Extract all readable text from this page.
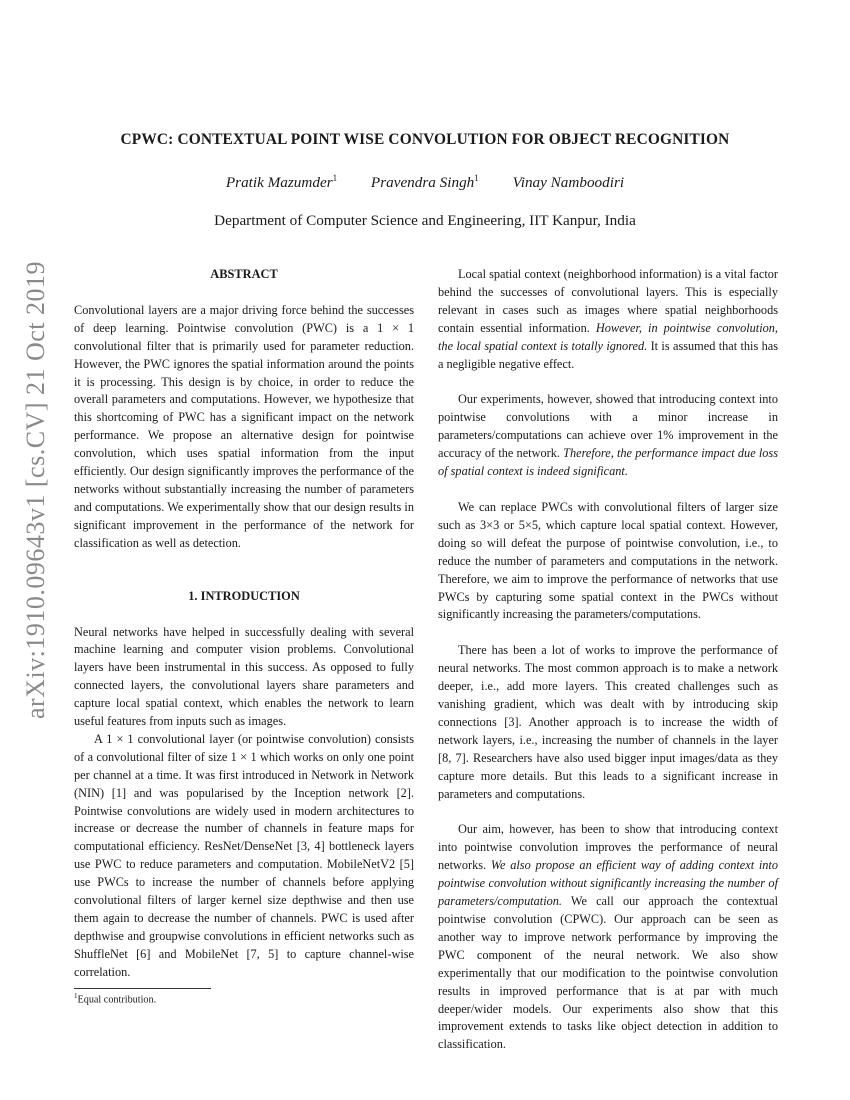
arXiv:1910.09643v1 [cs.CV] 21 Oct 2019
CPWC: CONTEXTUAL POINT WISE CONVOLUTION FOR OBJECT RECOGNITION
Pratik Mazumder$^1$ Pravendra Singh$^1$ Vinay Namboodiri
Department of Computer Science and Engineering, IIT Kanpur, India

ABSTRACT

Convolutional layers are a major driving force behind the successes of deep learning. Pointwise convolution (PWC) is a 1 × 1 convolutional filter that is primarily used for parameter reduction. However, the PWC ignores the spatial information around the points it is processing. This design is by choice, in order to reduce the overall parameters and computations. However, we hypothesize that this shortcoming of PWC has a significant impact on the network performance. We propose an alternative design for pointwise convolution, which uses spatial information from the input efficiently. Our design significantly improves the performance of the networks without substantially increasing the number of parameters and computations. We experimentally show that our design results in significant improvement in the performance of the network for classification as well as detection.

1. INTRODUCTION

Neural networks have helped in successfully dealing with several machine learning and computer vision problems. Convolutional layers have been instrumental in this success. As opposed to fully connected layers, the convolutional layers share parameters and capture local spatial context, which enables the network to learn useful features from inputs such as images.

A 1 × 1 convolutional layer (or pointwise convolution) consists of a convolutional filter of size 1 × 1 which works on only one point per channel at a time. It was first introduced in Network in Network (NIN) [1] and was popularised by the Inception network [2]. Pointwise convolutions are widely used in modern architectures to increase or decrease the number of channels in feature maps for computational efficiency. ResNet/DenseNet [3, 4] bottleneck layers use PWC to reduce parameters and computation. MobileNetV2 [5] use PWCs to increase the number of channels before applying convolutional filters of larger kernel size depthwise and then use them again to decrease the number of channels. PWC is used after depthwise and groupwise convolutions in efficient networks such as ShuffleNet [6] and MobileNet [7, 5] to capture channel-wise correlation.

Local spatial context (neighborhood information) is a vital factor behind the successes of convolutional layers. This is especially relevant in cases such as images where spatial neighborhoods contain essential information. However, in pointwise convolution, the local spatial context is totally ignored. It is assumed that this has a negligible negative effect.

Our experiments, however, showed that introducing context into pointwise convolutions with a minor increase in parameters/computations can achieve over 1% improvement in the accuracy of the network. Therefore, the performance impact due loss of spatial context is indeed significant.

We can replace PWCs with convolutional filters of larger size such as 3×3 or 5×5, which capture local spatial context. However, doing so will defeat the purpose of pointwise convolution, i.e., to reduce the number of parameters and computations in the network. Therefore, we aim to improve the performance of networks that use PWCs by capturing some spatial context in the PWCs without significantly increasing the parameters/computations.

There has been a lot of works to improve the performance of neural networks. The most common approach is to make a network deeper, i.e., add more layers. This created challenges such as vanishing gradient, which was dealt with by introducing skip connections [3]. Another approach is to increase the width of network layers, i.e., increasing the number of channels in the layer [8, 7]. Researchers have also used bigger input images/data as they capture more details. But this leads to a significant increase in parameters and computations.

Our aim, however, has been to show that introducing context into pointwise convolution improves the performance of neural networks. We also propose an efficient way of adding context into pointwise convolution without significantly increasing the number of parameters/computation. We call our approach the contextual pointwise convolution (CPWC). Our approach can be seen as another way to improve network performance by improving the PWC component of the neural network. We also show experimentally that our modification to the pointwise convolution results in improved performance that is at par with much deeper/wider models. Our experiments also show that this improvement extends to tasks like object detection in addition to classification.

$^1$Equal contribution.
